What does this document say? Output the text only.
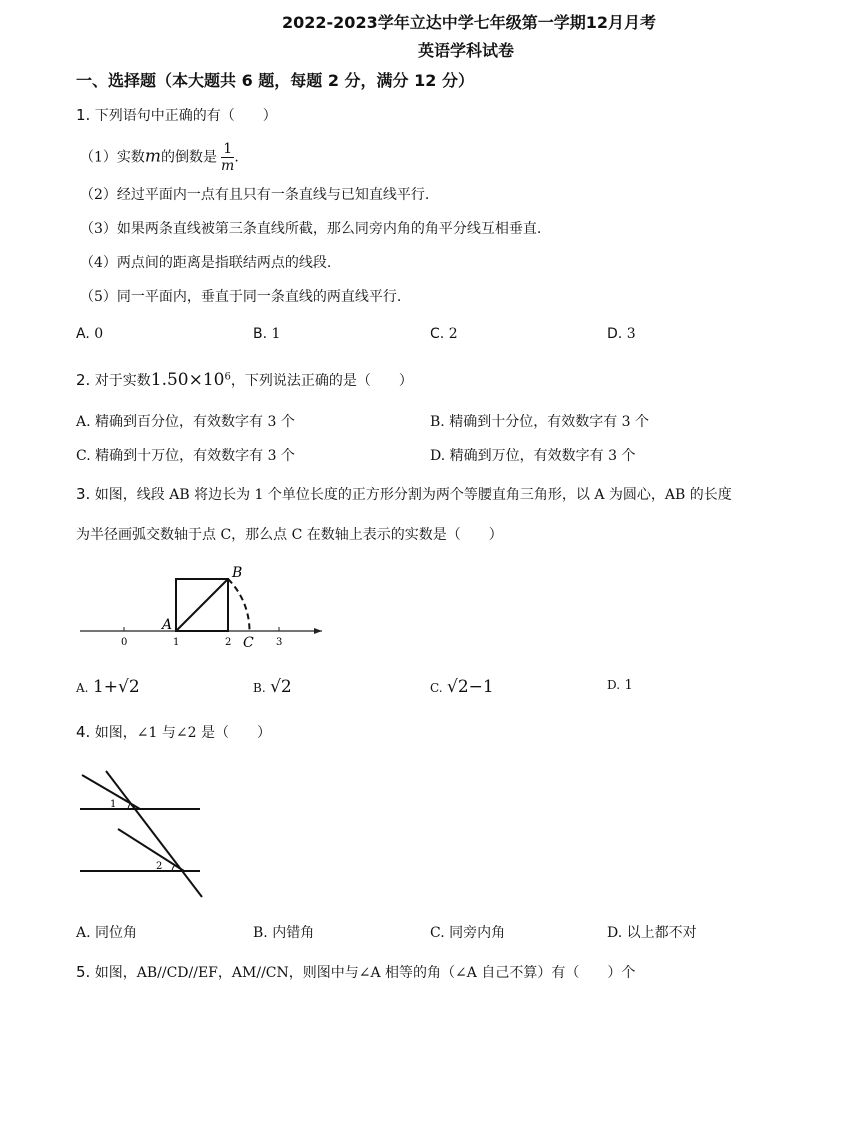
2022-2023学年立达中学七年级第一学期12月月考
英语学科试卷
一、选择题（本大题共 6 题，每题 2 分，满分 12 分）
1. 下列语句中正确的有（　　）
（1）实数m的倒数是 $\frac{1}{m}$ .
（2）经过平面内一点有且只有一条直线与已知直线平行.
（3）如果两条直线被第三条直线所截，那么同旁内角的角平分线互相垂直.
（4）两点间的距离是指联结两点的线段.
（5）同一平面内，垂直于同一条直线的两直线平行.
A. 0	B. 1	C. 2	D. 3
2. 对于实数$1.50\times 10^6$，下列说法正确的是（　　）
A. 精确到百分位，有效数字有 3 个	B. 精确到十分位，有效数字有 3 个
C. 精确到十万位，有效数字有 3 个	D. 精确到万位，有效数字有 3 个
3. 如图，线段 AB 将边长为 1 个单位长度的正方形分割为两个等腰直角三角形，以 A 为圆心，AB 的长度
为半径画弧交数轴于点 C，那么点 C 在数轴上表示的实数是（　　）
0	1	2	3
A
B
C
A. 1+√2	B. √2	C. √2−1	D. 1
4. 如图，∠1 与∠2 是（　　）
1
2
A. 同位角	B. 内错角	C. 同旁内角	D. 以上都不对
5. 如图，AB//CD//EF，AM//CN，则图中与∠A 相等的角（∠A 自己不算）有（　　）个
